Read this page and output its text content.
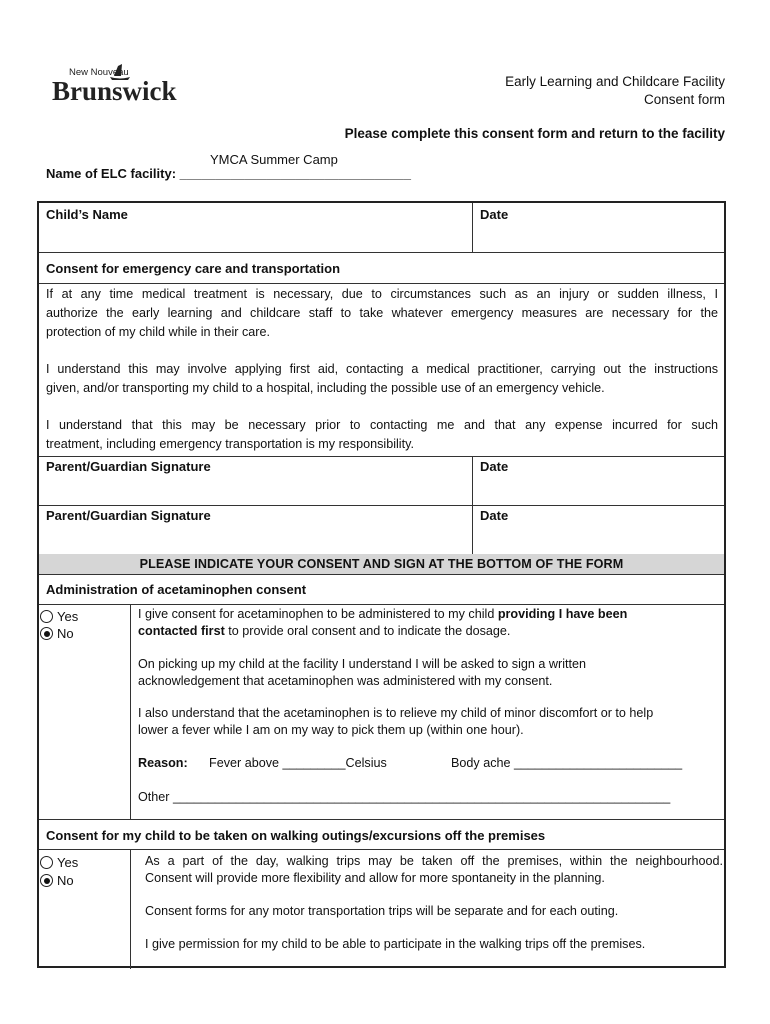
New Nouveau
Brunswick	Early Learning and Childcare Facility
Consent form
Please complete this consent form and return to the facility
YMCA Summer Camp
Name of ELC facility: ________________________________
Child’s Name	Date
Consent for emergency care and transportation
If at any time medical treatment is necessary, due to circumstances such as an injury or sudden illness, I
authorize the early learning and childcare staff to take whatever emergency measures are necessary for the
protection of my child while in their care.
I understand this may involve applying first aid, contacting a medical practitioner, carrying out the instructions
given, and/or transporting my child to a hospital, including the possible use of an emergency vehicle.
I understand that this may be necessary prior to contacting me and that any expense incurred for such
treatment, including emergency transportation is my responsibility.
Parent/Guardian Signature	Date
Parent/Guardian Signature	Date
PLEASE INDICATE YOUR CONSENT AND SIGN AT THE BOTTOM OF THE FORM
Administration of acetaminophen consent
Yes
No
I give consent for acetaminophen to be administered to my child providing I have been
contacted first to provide oral consent and to indicate the dosage.
On picking up my child at the facility I understand I will be asked to sign a written
acknowledgement that acetaminophen was administered with my consent.
I also understand that the acetaminophen is to relieve my child of minor discomfort or to help
lower a fever while I am on my way to pick them up (within one hour).
Reason: Fever above _________Celsius	Body ache ________________________
Other _______________________________________________________________________
Consent for my child to be taken on walking outings/excursions off the premises
Yes
No
As a part of the day, walking trips may be taken off the premises, within the neighbourhood.
Consent will provide more flexibility and allow for more spontaneity in the planning.
Consent forms for any motor transportation trips will be separate and for each outing.
I give permission for my child to be able to participate in the walking trips off the premises.
